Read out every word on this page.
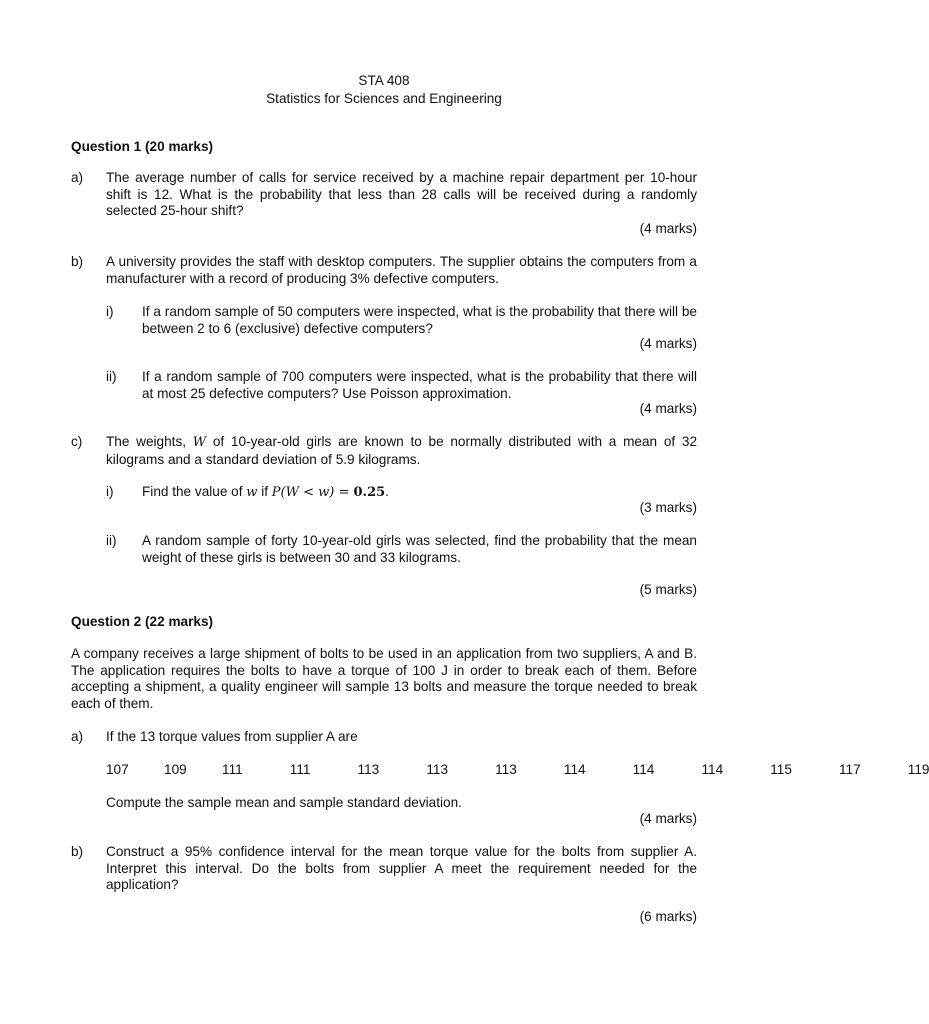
STA 408
Statistics for Sciences and Engineering
Question 1 (20 marks)
a) The average number of calls for service received by a machine repair department per 10-hour shift is 12. What is the probability that less than 28 calls will be received during a randomly selected 25-hour shift?
(4 marks)
b) A university provides the staff with desktop computers. The supplier obtains the computers from a manufacturer with a record of producing 3% defective computers.
i) If a random sample of 50 computers were inspected, what is the probability that there will be between 2 to 6 (exclusive) defective computers?
(4 marks)
ii) If a random sample of 700 computers were inspected, what is the probability that there will at most 25 defective computers? Use Poisson approximation.
(4 marks)
c) The weights, W of 10-year-old girls are known to be normally distributed with a mean of 32 kilograms and a standard deviation of 5.9 kilograms.
i) Find the value of w if P(W < w) = 0.25.
(3 marks)
ii) A random sample of forty 10-year-old girls was selected, find the probability that the mean weight of these girls is between 30 and 33 kilograms.
(5 marks)
Question 2 (22 marks)
A company receives a large shipment of bolts to be used in an application from two suppliers, A and B. The application requires the bolts to have a torque of 100 J in order to break each of them. Before accepting a shipment, a quality engineer will sample 13 bolts and measure the torque needed to break each of them.
a) If the 13 torque values from supplier A are
107   109   111    111    113    113    113    114    114    114    115    117    119
Compute the sample mean and sample standard deviation.
(4 marks)
b) Construct a 95% confidence interval for the mean torque value for the bolts from supplier A. Interpret this interval. Do the bolts from supplier A meet the requirement needed for the application?
(6 marks)
